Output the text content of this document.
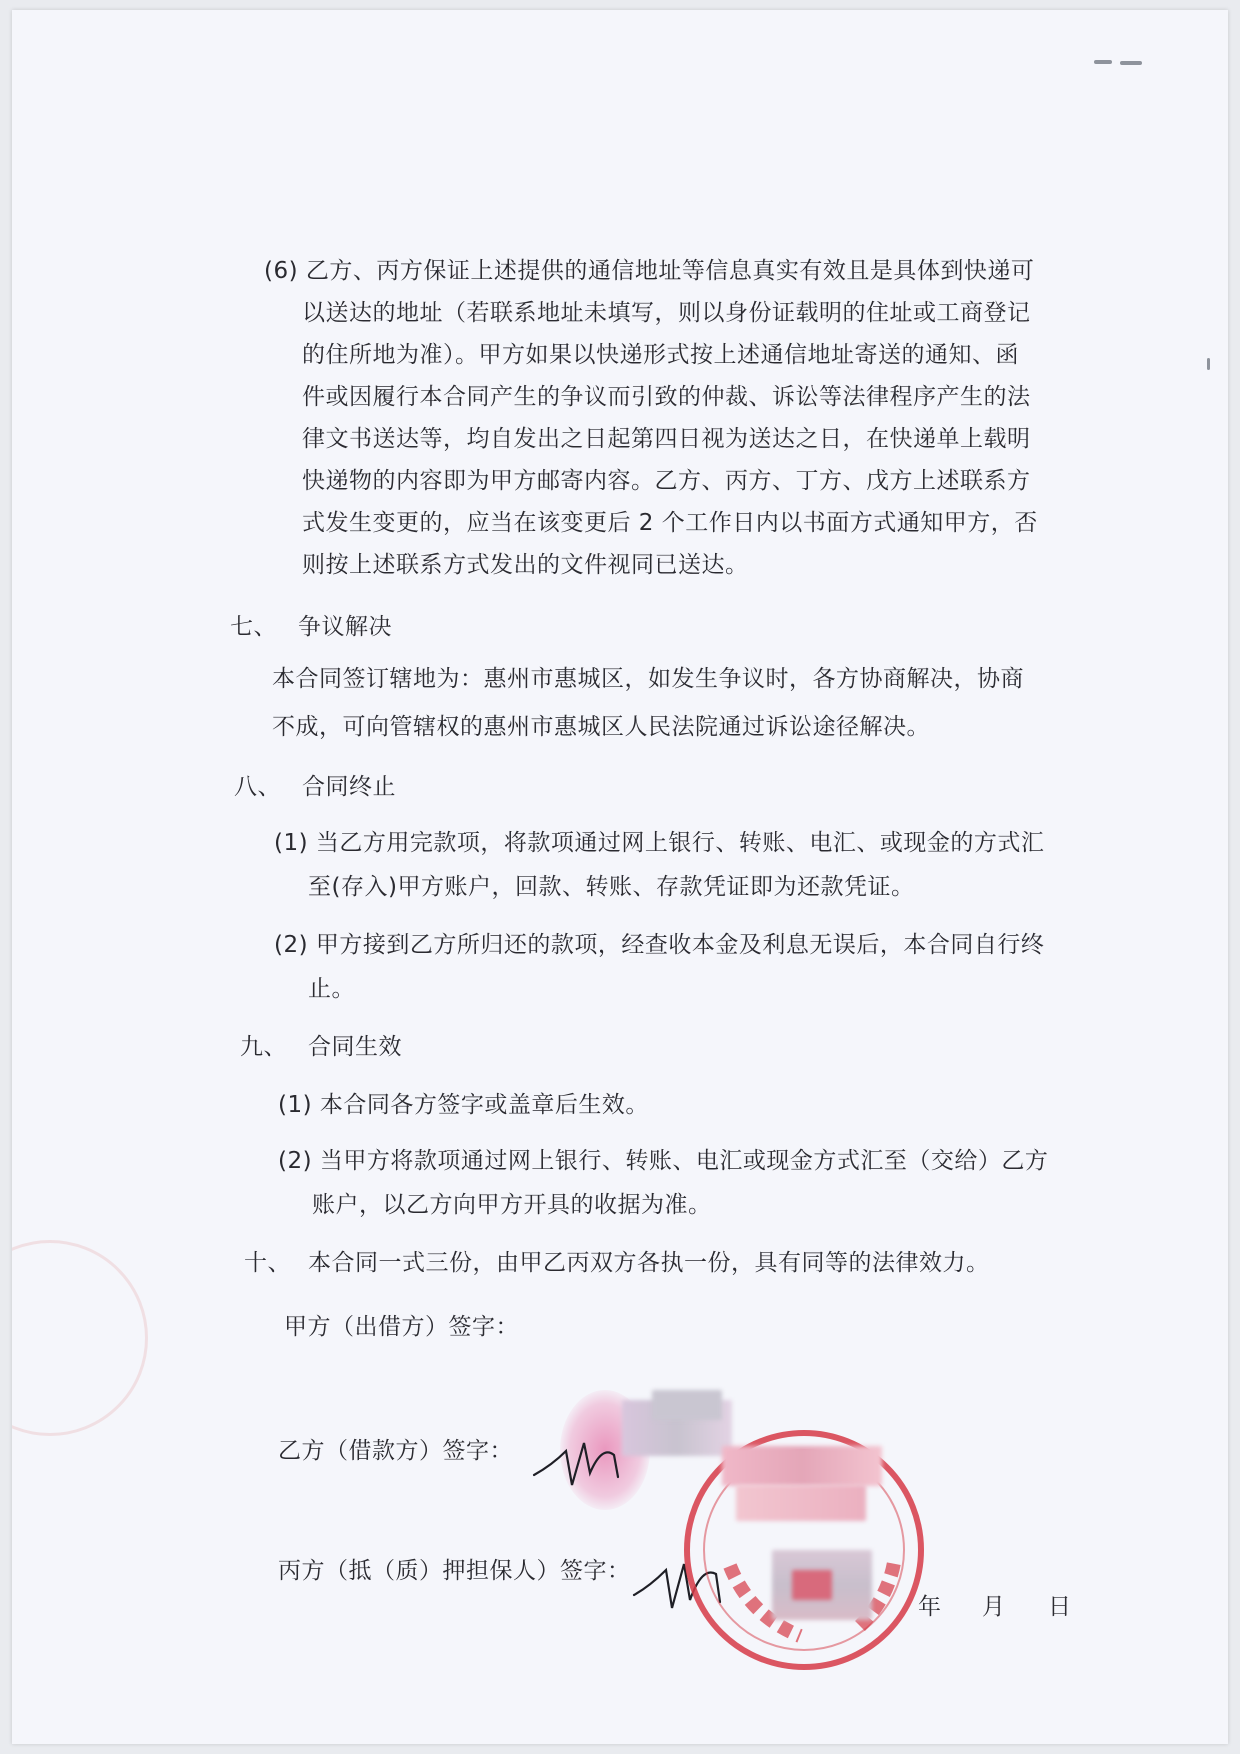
(6) 乙方、丙方保证上述提供的通信地址等信息真实有效且是具体到快递可
以送达的地址（若联系地址未填写，则以身份证载明的住址或工商登记
的住所地为准）。甲方如果以快递形式按上述通信地址寄送的通知、函
件或因履行本合同产生的争议而引致的仲裁、诉讼等法律程序产生的法
律文书送达等，均自发出之日起第四日视为送达之日，在快递单上载明
快递物的内容即为甲方邮寄内容。乙方、丙方、丁方、戊方上述联系方
式发生变更的，应当在该变更后 2 个工作日内以书面方式通知甲方，否
则按上述联系方式发出的文件视同已送达。
七、 争议解决
本合同签订辖地为：惠州市惠城区，如发生争议时，各方协商解决，协商
不成，可向管辖权的惠州市惠城区人民法院通过诉讼途径解决。
八、 合同终止
(1) 当乙方用完款项，将款项通过网上银行、转账、电汇、或现金的方式汇
至(存入)甲方账户，回款、转账、存款凭证即为还款凭证。
(2) 甲方接到乙方所归还的款项，经查收本金及利息无误后，本合同自行终
止。
九、 合同生效
(1) 本合同各方签字或盖章后生效。
(2) 当甲方将款项通过网上银行、转账、电汇或现金方式汇至（交给）乙方
账户，以乙方向甲方开具的收据为准。
十、 本合同一式三份，由甲乙丙双方各执一份，具有同等的法律效力。
甲方（出借方）签字：
乙方（借款方）签字：
丙方（抵（质）押担保人）签字：
年 月 日
